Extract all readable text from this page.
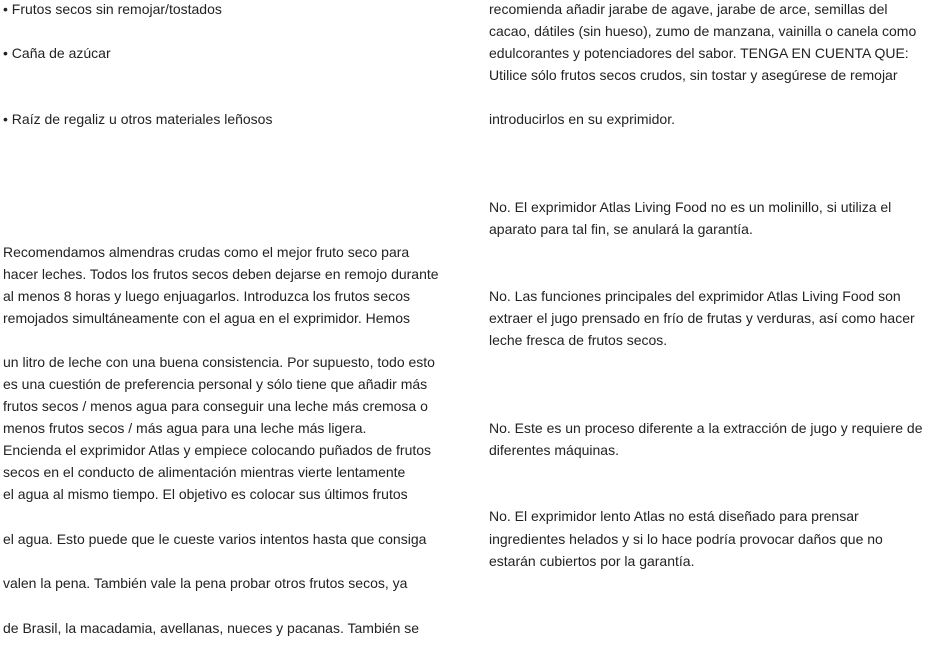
• Frutos secos sin remojar/tostados
• Caña de azúcar
• Raíz de regaliz u otros materiales leñosos
Recomendamos almendras crudas como el mejor fruto seco para
hacer leches. Todos los frutos secos deben dejarse en remojo durante
al menos 8 horas y luego enjuagarlos. Introduzca los frutos secos
remojados simultáneamente con el agua en el exprimidor. Hemos
un litro de leche con una buena consistencia. Por supuesto, todo esto
es una cuestión de preferencia personal y sólo tiene que añadir más
frutos secos / menos agua para conseguir una leche más cremosa o
menos frutos secos / más agua para una leche más ligera.
Encienda el exprimidor Atlas y empiece colocando puñados de frutos
secos en el conducto de alimentación mientras vierte lentamente
el agua al mismo tiempo. El objetivo es colocar sus últimos frutos
el agua. Esto puede que le cueste varios intentos hasta que consiga
valen la pena. También vale la pena probar otros frutos secos, ya
de Brasil, la macadamia, avellanas, nueces y pacanas. También se
recomienda añadir jarabe de agave, jarabe de arce, semillas del
cacao, dátiles (sin hueso), zumo de manzana, vainilla o canela como
edulcorantes y potenciadores del sabor. TENGA EN CUENTA QUE:
Utilice sólo frutos secos crudos, sin tostar y asegúrese de remojar
introducirlos en su exprimidor.
No. El exprimidor Atlas Living Food no es un molinillo, si utiliza el
aparato para tal fin, se anulará la garantía.
No. Las funciones principales del exprimidor Atlas Living Food son
extraer el jugo prensado en frío de frutas y verduras, así como hacer
leche fresca de frutos secos.
No. Este es un proceso diferente a la extracción de jugo y requiere de
diferentes máquinas.
No. El exprimidor lento Atlas no está diseñado para prensar
ingredientes helados y si lo hace podría provocar daños que no
estarán cubiertos por la garantía.
